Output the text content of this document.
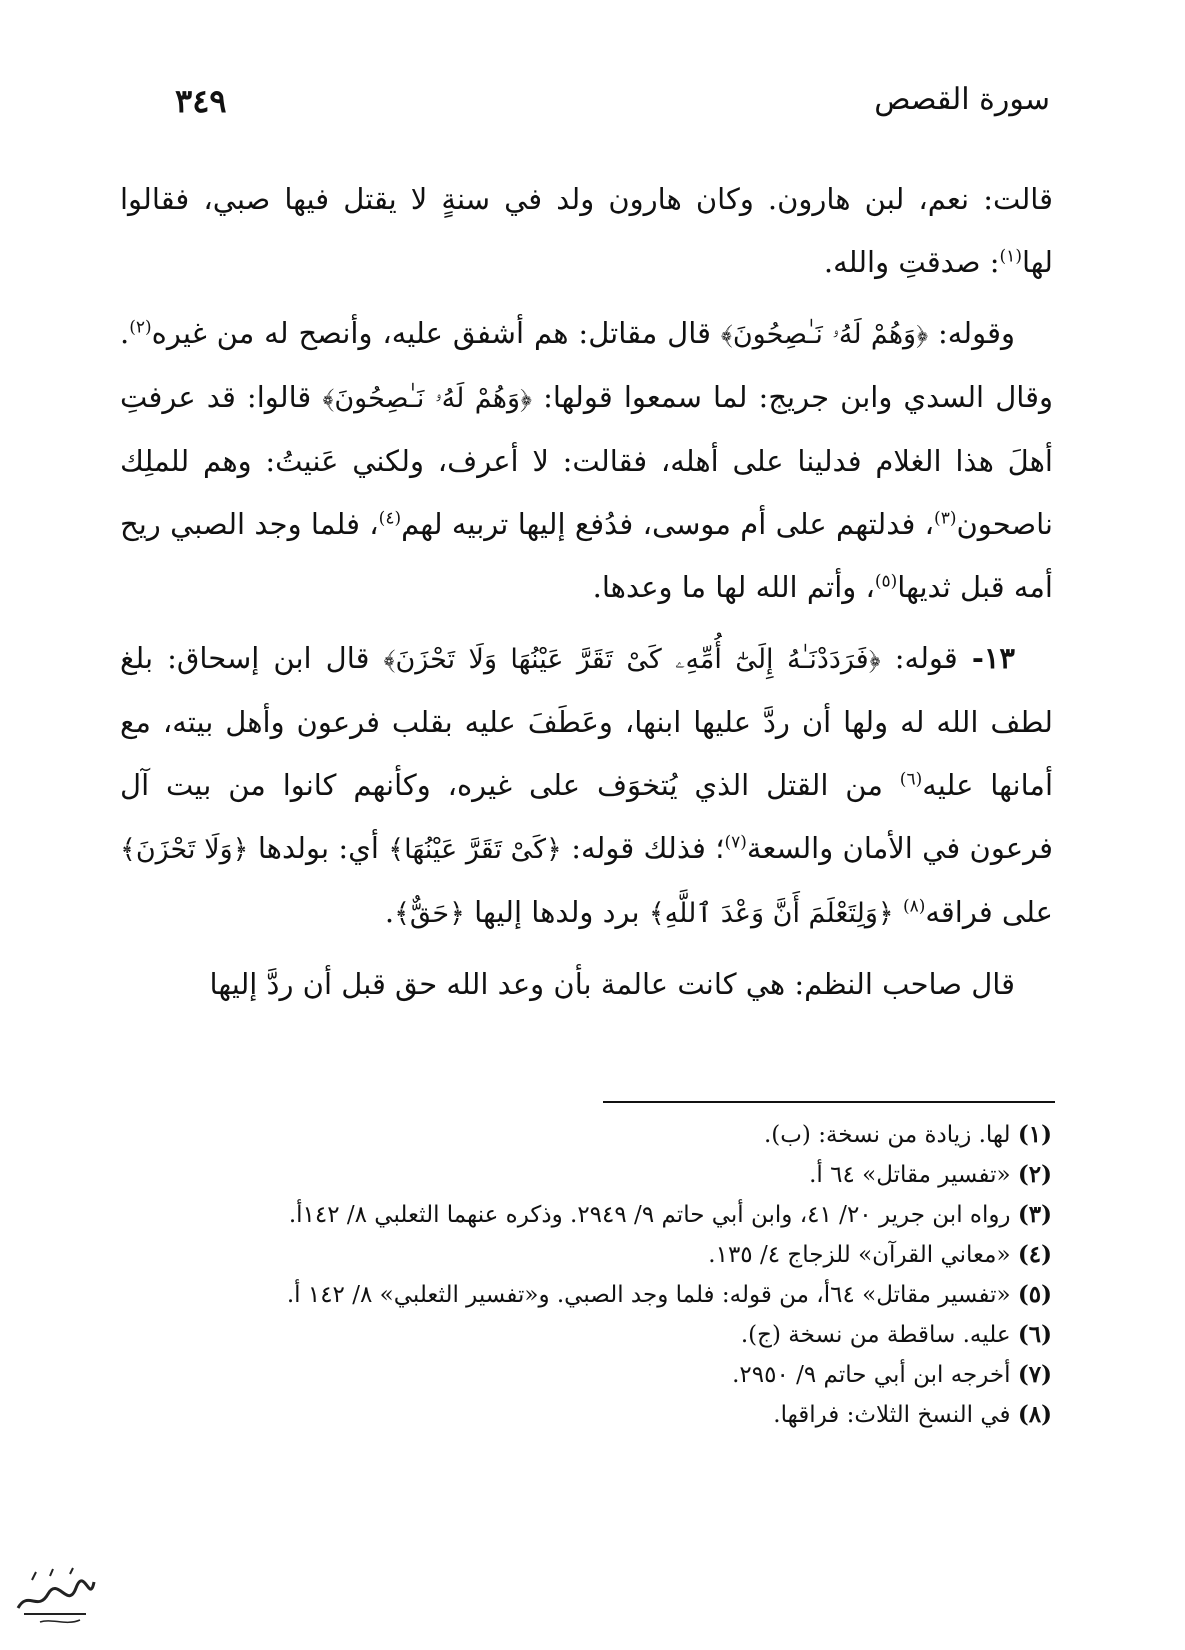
سورة القصص
٣٤٩

قالت: نعم، لبن هارون. وكان هارون ولد في سنةٍ لا يقتل فيها صبي، فقالوا لها$^{(١)}$: صدقتِ والله.

وقوله: ﴿وَهُمْ لَهُۥ نَـٰصِحُونَ﴾ قال مقاتل: هم أشفق عليه، وأنصح له من غيره$^{(٢)}$. وقال السدي وابن جريج: لما سمعوا قولها: ﴿وَهُمْ لَهُۥ نَـٰصِحُونَ﴾ قالوا: قد عرفتِ أهلَ هذا الغلام فدلينا على أهله، فقالت: لا أعرف، ولكني عَنيتُ: وهم للملِك ناصحون$^{(٣)}$، فدلتهم على أم موسى، فدُفع إليها تربيه لهم$^{(٤)}$، فلما وجد الصبي ريح أمه قبل ثديها$^{(٥)}$، وأتم الله لها ما وعدها.

١٣- قوله: ﴿فَرَدَدْنَـٰهُ إِلَىٰٓ أُمِّهِۦ كَىْ تَقَرَّ عَيْنُهَا وَلَا تَحْزَنَ﴾ قال ابن إسحاق: بلغ لطف الله له ولها أن ردَّ عليها ابنها، وعَطَفَ عليه بقلب فرعون وأهل بيته، مع أمانها عليه$^{(٦)}$ من القتل الذي يُتخوَف على غيره، وكأنهم كانوا من بيت آل فرعون في الأمان والسعة$^{(٧)}$؛ فذلك قوله: ﴿كَىْ تَقَرَّ عَيْنُهَا﴾ أي: بولدها ﴿وَلَا تَحْزَنَ﴾ على فراقه$^{(٨)}$ ﴿وَلِتَعْلَمَ أَنَّ وَعْدَ ٱللَّهِ﴾ برد ولدها إليها ﴿حَقٌّ﴾.

قال صاحب النظم: هي كانت عالمة بأن وعد الله حق قبل أن ردَّ إليها

(١) لها. زيادة من نسخة: (ب).
(٢) «تفسير مقاتل» ٦٤ أ.
(٣) رواه ابن جرير ٢٠/ ٤١، وابن أبي حاتم ٩/ ٢٩٤٩. وذكره عنهما الثعلبي ٨/ ١٤٢أ.
(٤) «معاني القرآن» للزجاج ٤/ ١٣٥.
(٥) «تفسير مقاتل» ٦٤أ، من قوله: فلما وجد الصبي. و«تفسير الثعلبي» ٨/ ١٤٢ أ.
(٦) عليه. ساقطة من نسخة (ج).
(٧) أخرجه ابن أبي حاتم ٩/ ٢٩٥٠.
(٨) في النسخ الثلاث: فراقها.
